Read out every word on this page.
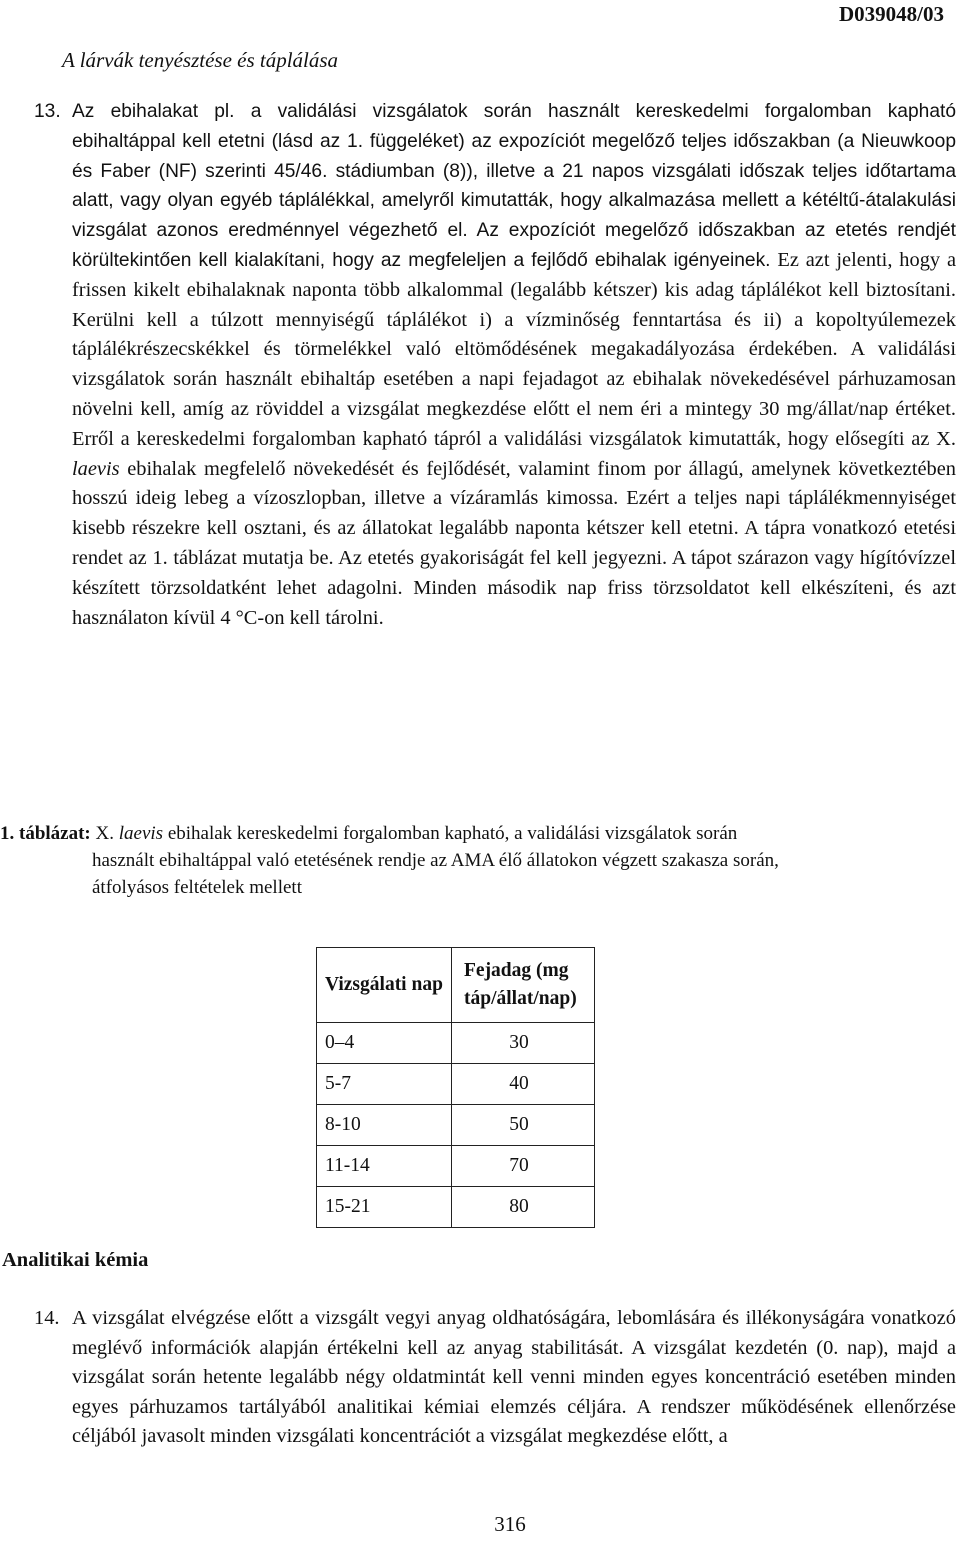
D039048/03

A lárvák tenyésztése és táplálása

13. Az ebihalakat pl. a validálási vizsgálatok során használt kereskedelmi forgalomban kapható ebihaltáppal kell etetni (lásd az 1. függeléket) az expozíciót megelőző teljes időszakban (a Nieuwkoop és Faber (NF) szerinti 45/46. stádiumban (8)), illetve a 21 napos vizsgálati időszak teljes időtartama alatt, vagy olyan egyéb táplálékkal, amelyről kimutatták, hogy alkalmazása mellett a kétéltű-átalakulási vizsgálat azonos eredménnyel végezhető el. Az expozíciót megelőző időszakban az etetés rendjét körültekintően kell kialakítani, hogy az megfeleljen a fejlődő ebihalak igényeinek. Ez azt jelenti, hogy a frissen kikelt ebihalaknak naponta több alkalommal (legalább kétszer) kis adag táplálékot kell biztosítani. Kerülni kell a túlzott mennyiségű táplálékot i) a vízminőség fenntartása és ii) a kopoltyúlemezek táplálékrészecskékkel és törmelékkel való eltömődésének megakadályozása érdekében. A validálási vizsgálatok során használt ebihaltáp esetében a napi fejadagot az ebihalak növekedésével párhuzamosan növelni kell, amíg az röviddel a vizsgálat megkezdése előtt el nem éri a mintegy 30 mg/állat/nap értéket. Erről a kereskedelmi forgalomban kapható tápról a validálási vizsgálatok kimutatták, hogy elősegíti az X. laevis ebihalak megfelelő növekedését és fejlődését, valamint finom por állagú, amelynek következtében hosszú ideig lebeg a vízoszlopban, illetve a vízáramlás kimossa. Ezért a teljes napi táplálékmennyiséget kisebb részekre kell osztani, és az állatokat legalább naponta kétszer kell etetni. A tápra vonatkozó etetési rendet az 1. táblázat mutatja be. Az etetés gyakoriságát fel kell jegyezni. A tápot szárazon vagy hígítóvízzel készített törzsoldatként lehet adagolni. Minden második nap friss törzsoldatot kell elkészíteni, és azt használaton kívül 4 °C-on kell tárolni.
1. táblázat: X. laevis ebihalak kereskedelmi forgalomban kapható, a validálási vizsgálatok során
használt ebihaltáppal való etetésének rendje az AMA élő állatokon végzett szakasza során,
átfolyásos feltételek mellett
Vizsgálati nap	Fejadag (mg táp/állat/nap)
0–4	30
5-7	40
8-10	50
11-14	70
15-21	80

Analitikai kémia

14. A vizsgálat elvégzése előtt a vizsgált vegyi anyag oldhatóságára, lebomlására és illékonyságára vonatkozó meglévő információk alapján értékelni kell az anyag stabilitását. A vizsgálat kezdetén (0. nap), majd a vizsgálat során hetente legalább négy oldatmintát kell venni minden egyes koncentráció esetében minden egyes párhuzamos tartályából analitikai kémiai elemzés céljára. A rendszer működésének ellenőrzése céljából javasolt minden vizsgálati koncentrációt a vizsgálat megkezdése előtt, a

316
